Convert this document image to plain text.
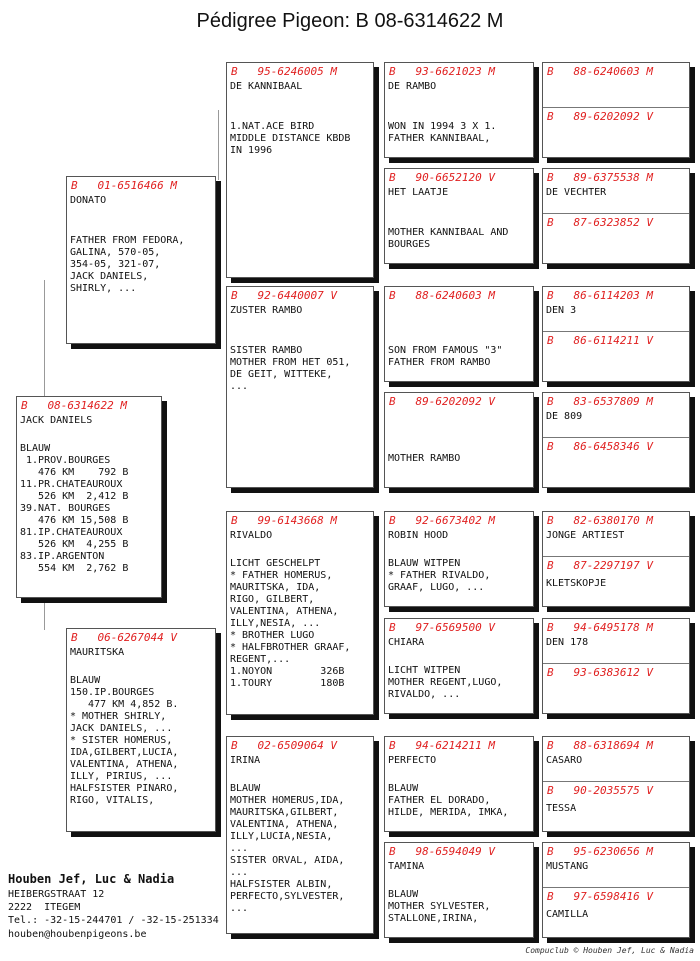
Pédigree Pigeon: B 08-6314622 M
B   08-6314622 M
JACK DANIELS
BLAUW
1.PROV.BOURGES
476 KM    792 B
11.PR.CHATEAUROUX
526 KM  2,412 B
39.NAT. BOURGES
476 KM 15,508 B
81.IP.CHATEAUROUX
526 KM  4,255 B
83.IP.ARGENTON
554 KM  2,762 B
B   01-6516466 M
DONATO
FATHER FROM FEDORA,
GALINA, 570-05,
354-05, 321-07,
JACK DANIELS,
SHIRLY, ...
B   06-6267044 V
MAURITSKA
BLAUW
150.IP.BOURGES
477 KM 4,852 B.
* MOTHER SHIRLY,
JACK DANIELS, ...
* SISTER HOMERUS,
IDA,GILBERT,LUCIA,
VALENTINA, ATHENA,
ILLY, PIRIUS, ...
HALFSISTER PINARO,
RIGO, VITALIS,
B   95-6246005 M
DE KANNIBAAL
1.NAT.ACE BIRD
MIDDLE DISTANCE KBDB
IN 1996
B   92-6440007 V
ZUSTER RAMBO
SISTER RAMBO
MOTHER FROM HET 051,
DE GEIT, WITTEKE,
...
B   99-6143668 M
RIVALDO
LICHT GESCHELPT
* FATHER HOMERUS,
MAURITSKA, IDA,
RIGO, GILBERT,
VALENTINA, ATHENA,
ILLY,NESIA, ...
* BROTHER LUGO
* HALFBROTHER GRAAF,
REGENT,...
1.NOYON        326B
1.TOURY        180B
B   02-6509064 V
IRINA
BLAUW
MOTHER HOMERUS,IDA,
MAURITSKA,GILBERT,
VALENTINA, ATHENA,
ILLY,LUCIA,NESIA,
...
SISTER ORVAL, AIDA,
...
HALFSISTER ALBIN,
PERFECTO,SYLVESTER,
...
B   93-6621023 M
DE RAMBO
WON IN 1994 3 X 1.
FATHER KANNIBAAL,
B   90-6652120 V
HET LAATJE
MOTHER KANNIBAAL AND
BOURGES
B   88-6240603 M
SON FROM FAMOUS "3"
FATHER FROM RAMBO
B   89-6202092 V
MOTHER RAMBO
B   92-6673402 M
ROBIN HOOD
BLAUW WITPEN
* FATHER RIVALDO,
GRAAF, LUGO, ...
B   97-6569500 V
CHIARA
LICHT WITPEN
MOTHER REGENT,LUGO,
RIVALDO, ...
B   94-6214211 M
PERFECTO
BLAUW
FATHER EL DORADO,
HILDE, MERIDA, IMKA,
B   98-6594049 V
TAMINA
BLAUW
MOTHER SYLVESTER,
STALLONE,IRINA,
B   88-6240603 M
B   89-6202092 V
B   89-6375538 M
DE VECHTER
B   87-6323852 V
B   86-6114203 M
DEN 3
B   86-6114211 V
B   83-6537809 M
DE 809
B   86-6458346 V
B   82-6380170 M
JONGE ARTIEST
B   87-2297197 V
KLETSKOPJE
B   94-6495178 M
DEN 178
B   93-6383612 V
B   88-6318694 M
CASARO
B   90-2035575 V
TESSA
B   95-6230656 M
MUSTANG
B   97-6598416 V
CAMILLA
Houben Jef, Luc & Nadia
HEIBERGSTRAAT 12
2222  ITEGEM
Tel.: -32-15-244701 / -32-15-251334
houben@houbenpigeons.be
Compuclub © Houben Jef, Luc & Nadia
